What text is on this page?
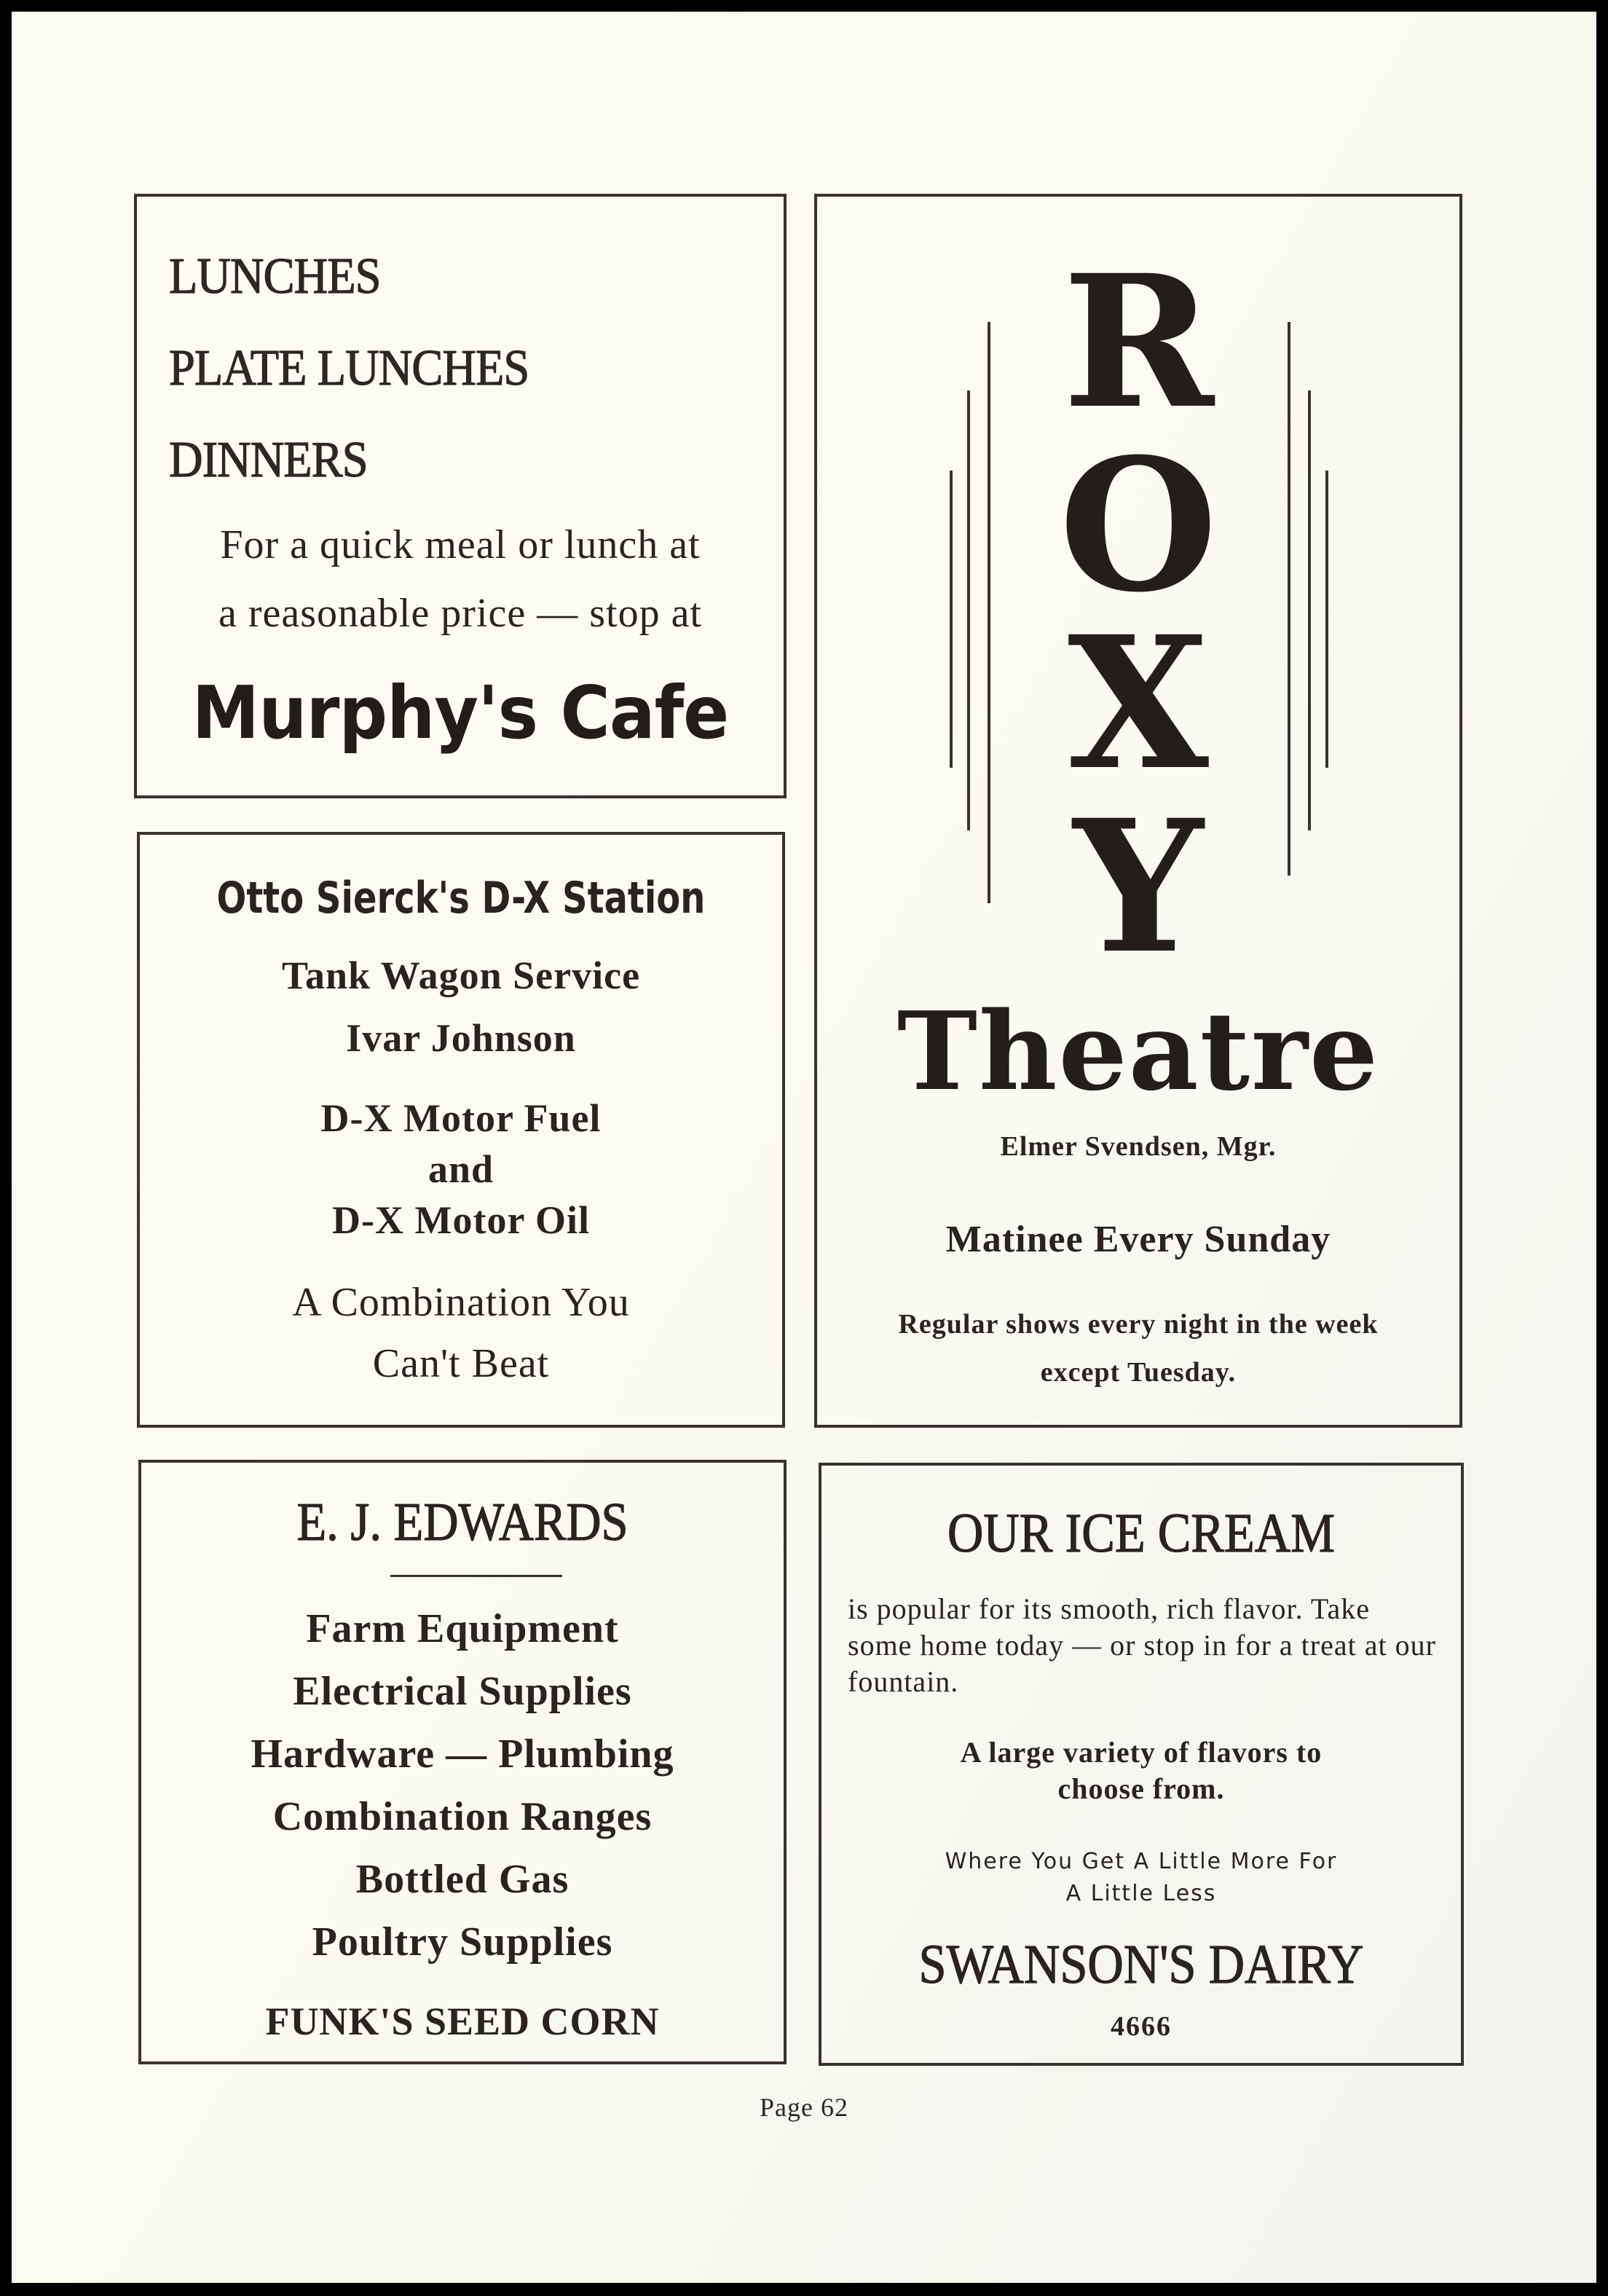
LUNCHES
PLATE LUNCHES
DINNERS
For a quick meal or lunch at
a reasonable price — stop at
Murphy's Cafe
Otto Sierck's D-X Station
Tank Wagon Service
Ivar Johnson
D-X Motor Fuel
and
D-X Motor Oil
A Combination You
Can't Beat
R
O
X
Y
Theatre
Elmer Svendsen, Mgr.
Matinee Every Sunday
Regular shows every night in the week
except Tuesday.
E. J. EDWARDS
Farm Equipment
Electrical Supplies
Hardware — Plumbing
Combination Ranges
Bottled Gas
Poultry Supplies
FUNK'S SEED CORN
OUR ICE CREAM
is popular for its smooth, rich flavor. Take some home today — or stop in for a treat at our fountain.
A large variety of flavors to
choose from.
Where You Get A Little More For
A Little Less
SWANSON'S DAIRY
4666
Page 62
